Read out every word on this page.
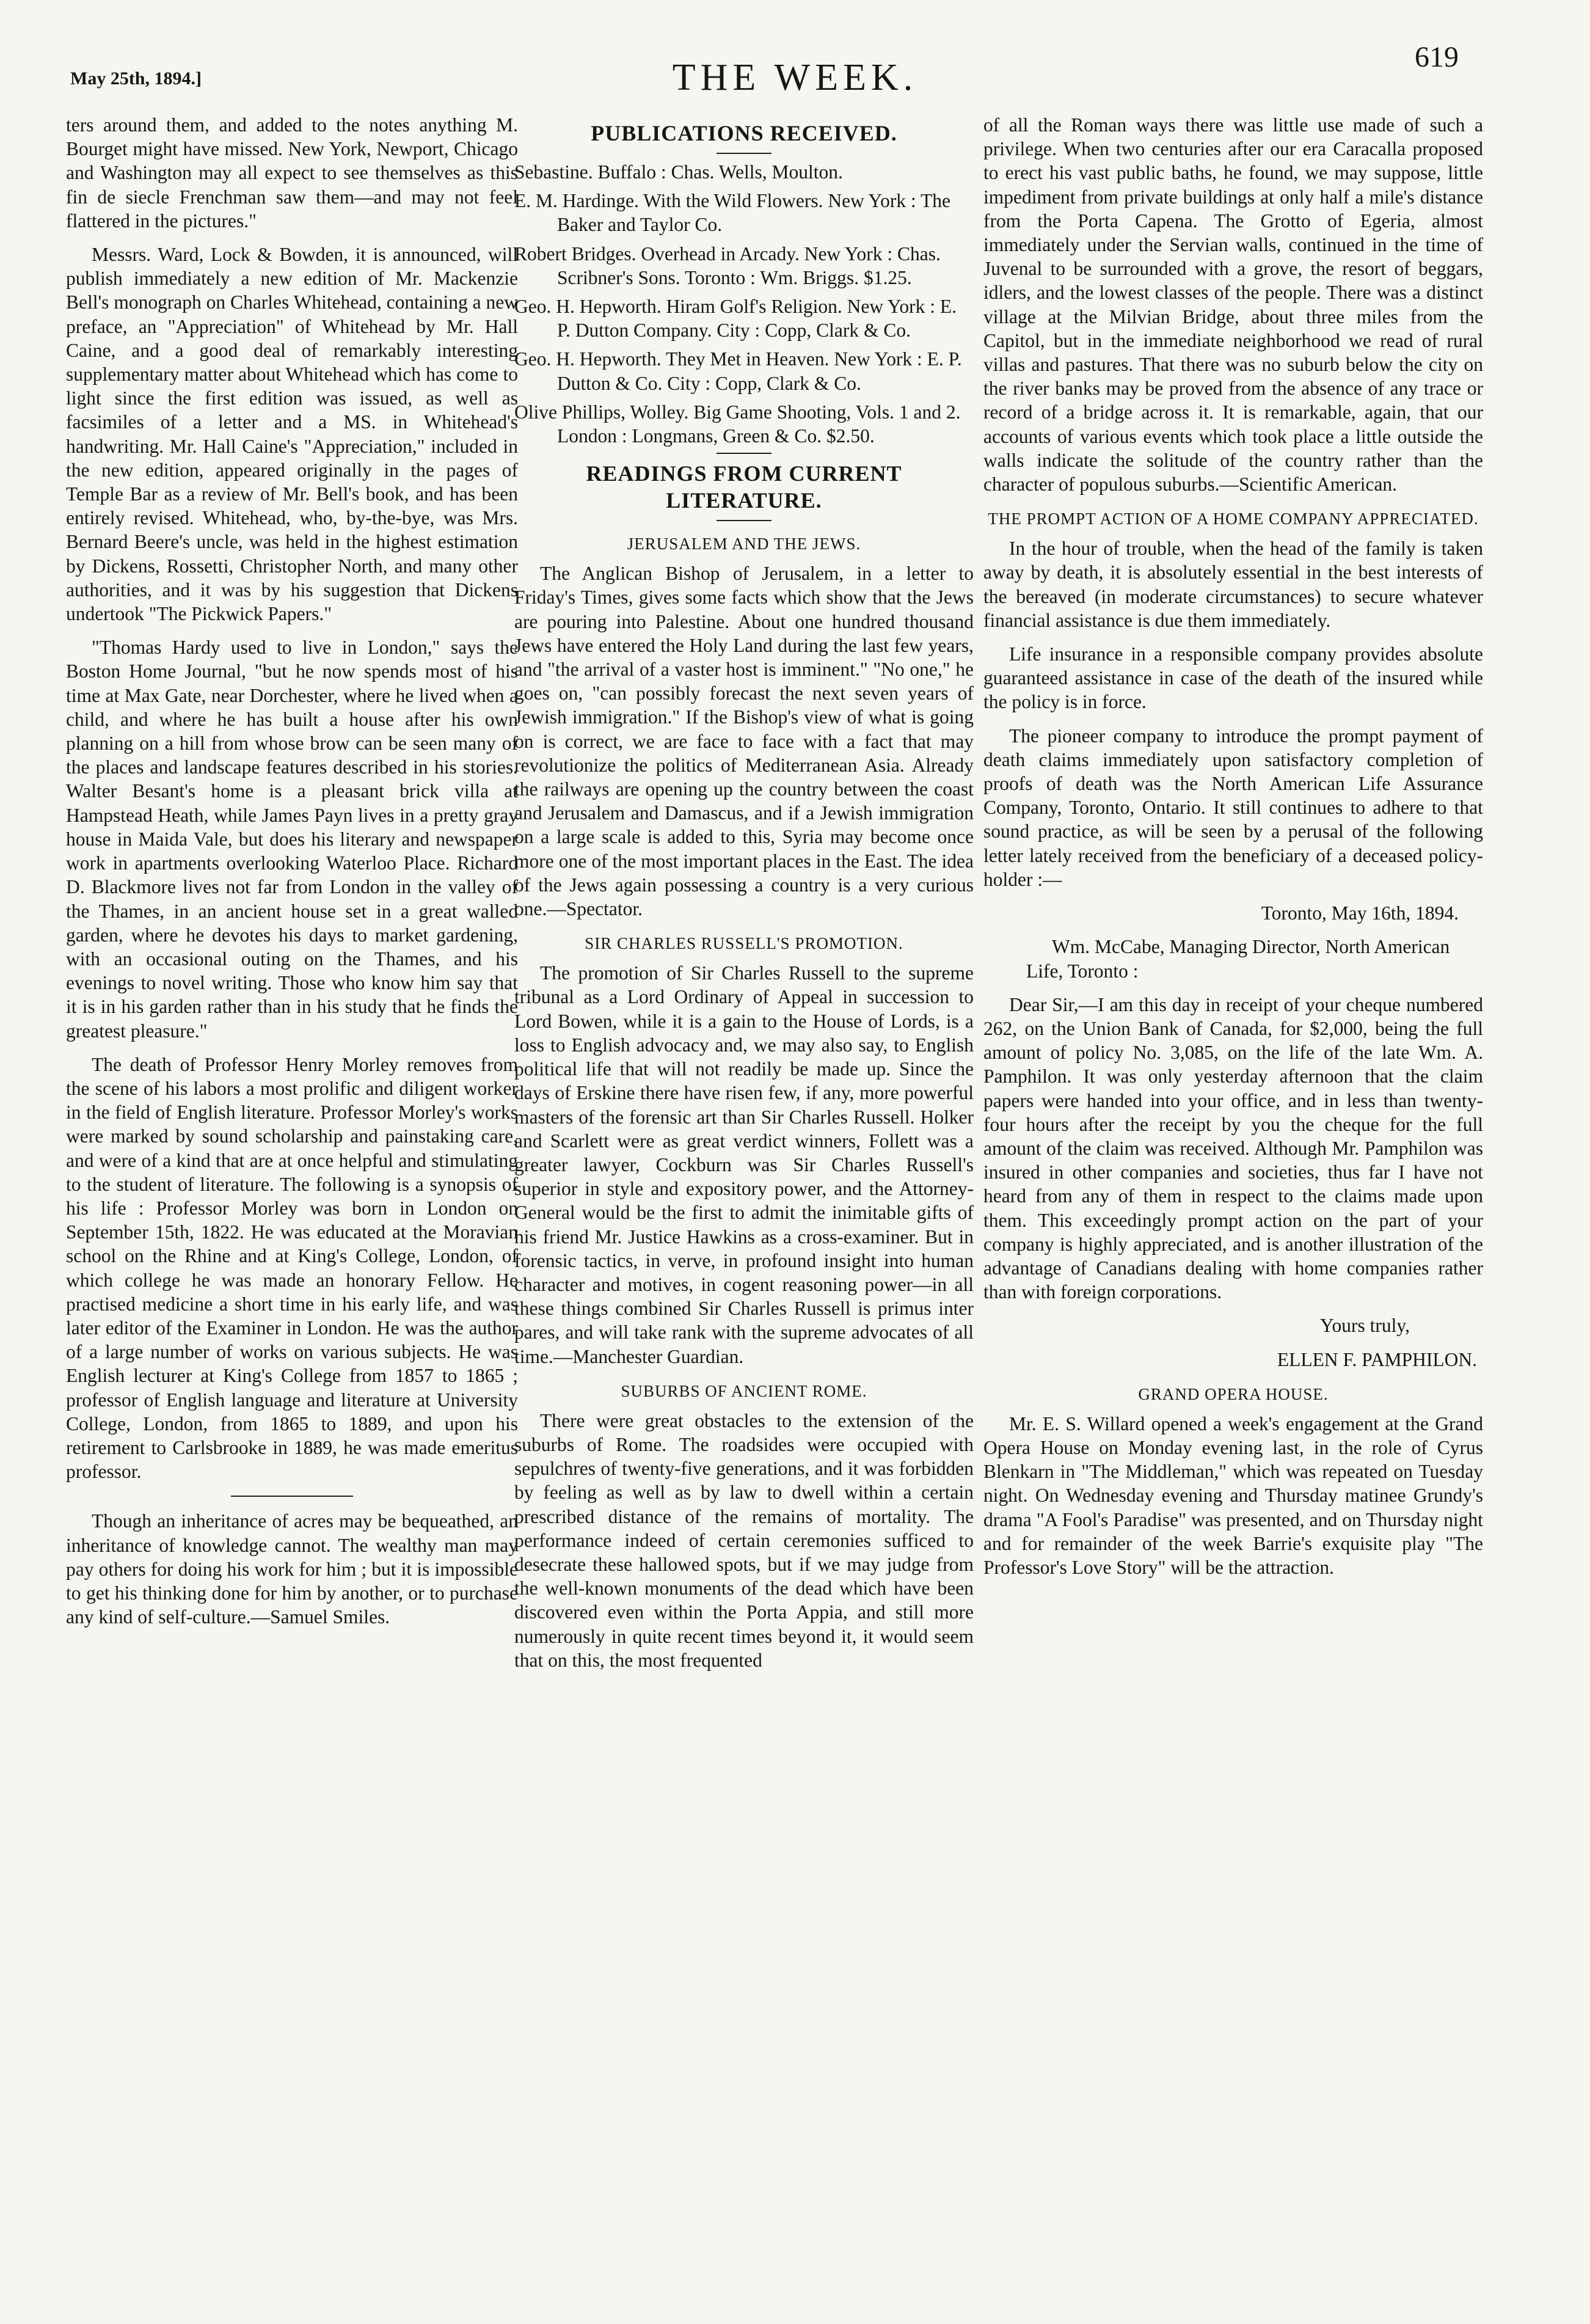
May 25th, 1894.]	THE WEEK.	619

ters around them, and added to the notes anything M. Bourget might have missed. New York, Newport, Chicago and Washington may all expect to see themselves as this fin de siecle Frenchman saw them—and may not feel flattered in the pictures."

Messrs. Ward, Lock & Bowden, it is announced, will publish immediately a new edition of Mr. Mackenzie Bell's monograph on Charles Whitehead, containing a new preface, an "Appreciation" of Whitehead by Mr. Hall Caine, and a good deal of remarkably interesting supplementary matter about Whitehead which has come to light since the first edition was issued, as well as facsimiles of a letter and a MS. in Whitehead's handwriting. Mr. Hall Caine's "Appreciation," included in the new edition, appeared originally in the pages of Temple Bar as a review of Mr. Bell's book, and has been entirely revised. Whitehead, who, by-the-bye, was Mrs. Bernard Beere's uncle, was held in the highest estimation by Dickens, Rossetti, Christopher North, and many other authorities, and it was by his suggestion that Dickens undertook "The Pickwick Papers."

"Thomas Hardy used to live in London," says the Boston Home Journal, "but he now spends most of his time at Max Gate, near Dorchester, where he lived when a child, and where he has built a house after his own planning on a hill from whose brow can be seen many of the places and landscape features described in his stories. Walter Besant's home is a pleasant brick villa at Hampstead Heath, while James Payn lives in a pretty gray house in Maida Vale, but does his literary and newspaper work in apartments overlooking Waterloo Place. Richard D. Blackmore lives not far from London in the valley of the Thames, in an ancient house set in a great walled garden, where he devotes his days to market gardening, with an occasional outing on the Thames, and his evenings to novel writing. Those who know him say that it is in his garden rather than in his study that he finds the greatest pleasure."

The death of Professor Henry Morley removes from the scene of his labors a most prolific and diligent worker in the field of English literature. Professor Morley's works were marked by sound scholarship and painstaking care, and were of a kind that are at once helpful and stimulating to the student of literature. The following is a synopsis of his life : Professor Morley was born in London on September 15th, 1822. He was educated at the Moravian school on the Rhine and at King's College, London, of which college he was made an honorary Fellow. He practised medicine a short time in his early life, and was later editor of the Examiner in London. He was the author of a large number of works on various subjects. He was English lecturer at King's College from 1857 to 1865 ; professor of English language and literature at University College, London, from 1865 to 1889, and upon his retirement to Carlsbrooke in 1889, he was made emeritus professor.

Though an inheritance of acres may be bequeathed, an inheritance of knowledge cannot. The wealthy man may pay others for doing his work for him ; but it is impossible to get his thinking done for him by another, or to purchase any kind of self-culture.—Samuel Smiles.

PUBLICATIONS RECEIVED.
Sebastine. Buffalo : Chas. Wells, Moulton.
E. M. Hardinge. With the Wild Flowers. New York : The Baker and Taylor Co.
Robert Bridges. Overhead in Arcady. New York : Chas. Scribner's Sons. Toronto : Wm. Briggs. $1.25.
Geo. H. Hepworth. Hiram Golf's Religion. New York : E. P. Dutton Company. City : Copp, Clark & Co.
Geo. H. Hepworth. They Met in Heaven. New York : E. P. Dutton & Co. City : Copp, Clark & Co.
Olive Phillips, Wolley. Big Game Shooting, Vols. 1 and 2. London : Longmans, Green & Co. $2.50.
READINGS FROM CURRENT LITERATURE.
JERUSALEM AND THE JEWS.

The Anglican Bishop of Jerusalem, in a letter to Friday's Times, gives some facts which show that the Jews are pouring into Palestine. About one hundred thousand Jews have entered the Holy Land during the last few years, and "the arrival of a vaster host is imminent." "No one," he goes on, "can possibly forecast the next seven years of Jewish immigration." If the Bishop's view of what is going on is correct, we are face to face with a fact that may revolutionize the politics of Mediterranean Asia. Already the railways are opening up the country between the coast and Jerusalem and Damascus, and if a Jewish immigration on a large scale is added to this, Syria may become once more one of the most important places in the East. The idea of the Jews again possessing a country is a very curious one.—Spectator.

SIR CHARLES RUSSELL'S PROMOTION.

The promotion of Sir Charles Russell to the supreme tribunal as a Lord Ordinary of Appeal in succession to Lord Bowen, while it is a gain to the House of Lords, is a loss to English advocacy and, we may also say, to English political life that will not readily be made up. Since the days of Erskine there have risen few, if any, more powerful masters of the forensic art than Sir Charles Russell. Holker and Scarlett were as great verdict winners, Follett was a greater lawyer, Cockburn was Sir Charles Russell's superior in style and expository power, and the Attorney-General would be the first to admit the inimitable gifts of his friend Mr. Justice Hawkins as a cross-examiner. But in forensic tactics, in verve, in profound insight into human character and motives, in cogent reasoning power—in all these things combined Sir Charles Russell is primus inter pares, and will take rank with the supreme advocates of all time.—Manchester Guardian.

SUBURBS OF ANCIENT ROME.

There were great obstacles to the extension of the suburbs of Rome. The roadsides were occupied with sepulchres of twenty-five generations, and it was forbidden by feeling as well as by law to dwell within a certain prescribed distance of the remains of mortality. The performance indeed of certain ceremonies sufficed to desecrate these hallowed spots, but if we may judge from the well-known monuments of the dead which have been discovered even within the Porta Appia, and still more numerously in quite recent times beyond it, it would seem that on this, the most frequented

of all the Roman ways there was little use made of such a privilege. When two centuries after our era Caracalla proposed to erect his vast public baths, he found, we may suppose, little impediment from private buildings at only half a mile's distance from the Porta Capena. The Grotto of Egeria, almost immediately under the Servian walls, continued in the time of Juvenal to be surrounded with a grove, the resort of beggars, idlers, and the lowest classes of the people. There was a distinct village at the Milvian Bridge, about three miles from the Capitol, but in the immediate neighborhood we read of rural villas and pastures. That there was no suburb below the city on the river banks may be proved from the absence of any trace or record of a bridge across it. It is remarkable, again, that our accounts of various events which took place a little outside the walls indicate the solitude of the country rather than the character of populous suburbs.—Scientific American.

THE PROMPT ACTION OF A HOME COMPANY APPRECIATED.

In the hour of trouble, when the head of the family is taken away by death, it is absolutely essential in the best interests of the bereaved (in moderate circumstances) to secure whatever financial assistance is due them immediately.

Life insurance in a responsible company provides absolute guaranteed assistance in case of the death of the insured while the policy is in force.

The pioneer company to introduce the prompt payment of death claims immediately upon satisfactory completion of proofs of death was the North American Life Assurance Company, Toronto, Ontario. It still continues to adhere to that sound practice, as will be seen by a perusal of the following letter lately received from the beneficiary of a deceased policy-holder :—

Toronto, May 16th, 1894.

Wm. McCabe, Managing Director, North American Life, Toronto :

Dear Sir,—I am this day in receipt of your cheque numbered 262, on the Union Bank of Canada, for $2,000, being the full amount of policy No. 3,085, on the life of the late Wm. A. Pamphilon. It was only yesterday afternoon that the claim papers were handed into your office, and in less than twenty-four hours after the receipt by you the cheque for the full amount of the claim was received. Although Mr. Pamphilon was insured in other companies and societies, thus far I have not heard from any of them in respect to the claims made upon them. This exceedingly prompt action on the part of your company is highly appreciated, and is another illustration of the advantage of Canadians dealing with home companies rather than with foreign corporations.

Yours truly,

ELLEN F. PAMPHILON.

GRAND OPERA HOUSE.

Mr. E. S. Willard opened a week's engagement at the Grand Opera House on Monday evening last, in the role of Cyrus Blenkarn in "The Middleman," which was repeated on Tuesday night. On Wednesday evening and Thursday matinee Grundy's drama "A Fool's Paradise" was presented, and on Thursday night and for remainder of the week Barrie's exquisite play "The Professor's Love Story" will be the attraction.
